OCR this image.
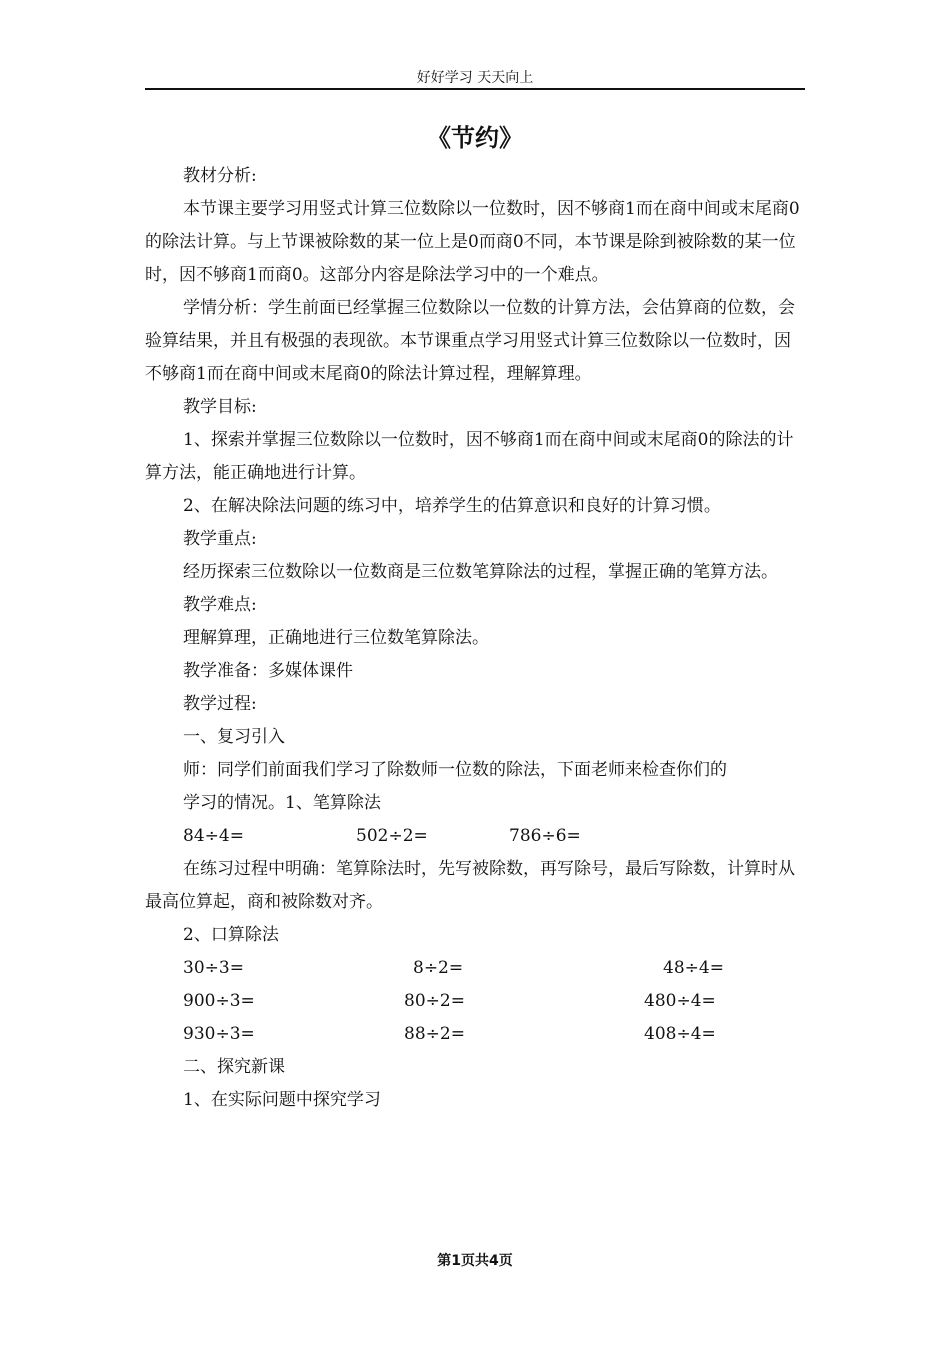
好好学习 天天向上
《节约》

教材分析:

本节课主要学习用竖式计算三位数除以一位数时，因不够商1而在商中间或末尾商0的除法计算。与上节课被除数的某一位上是0而商0不同，本节课是除到被除数的某一位时，因不够商1而商0。这部分内容是除法学习中的一个难点。

学情分析：学生前面已经掌握三位数除以一位数的计算方法，会估算商的位数，会验算结果，并且有极强的表现欲。本节课重点学习用竖式计算三位数除以一位数时，因不够商1而在商中间或末尾商0的除法计算过程，理解算理。

教学目标:

1、探索并掌握三位数除以一位数时，因不够商1而在商中间或末尾商0的除法的计算方法，能正确地进行计算。

2、在解决除法问题的练习中，培养学生的估算意识和良好的计算习惯。

教学重点:

经历探索三位数除以一位数商是三位数笔算除法的过程，掌握正确的笔算方法。

教学难点:

理解算理，正确地进行三位数笔算除法。

教学准备：多媒体课件

教学过程:

一、复习引入

师：同学们前面我们学习了除数师一位数的除法，下面老师来检查你们的

学习的情况。1、笔算除法

84÷4=	502÷2=	786÷6=

在练习过程中明确：笔算除法时，先写被除数，再写除号，最后写除数，计算时从最高位算起，商和被除数对齐。

2、口算除法

30÷3=	8÷2=	48÷4=
900÷3=	80÷2=	480÷4=
930÷3=	88÷2=	408÷4=

二、探究新课

1、在实际问题中探究学习

第1页共4页
